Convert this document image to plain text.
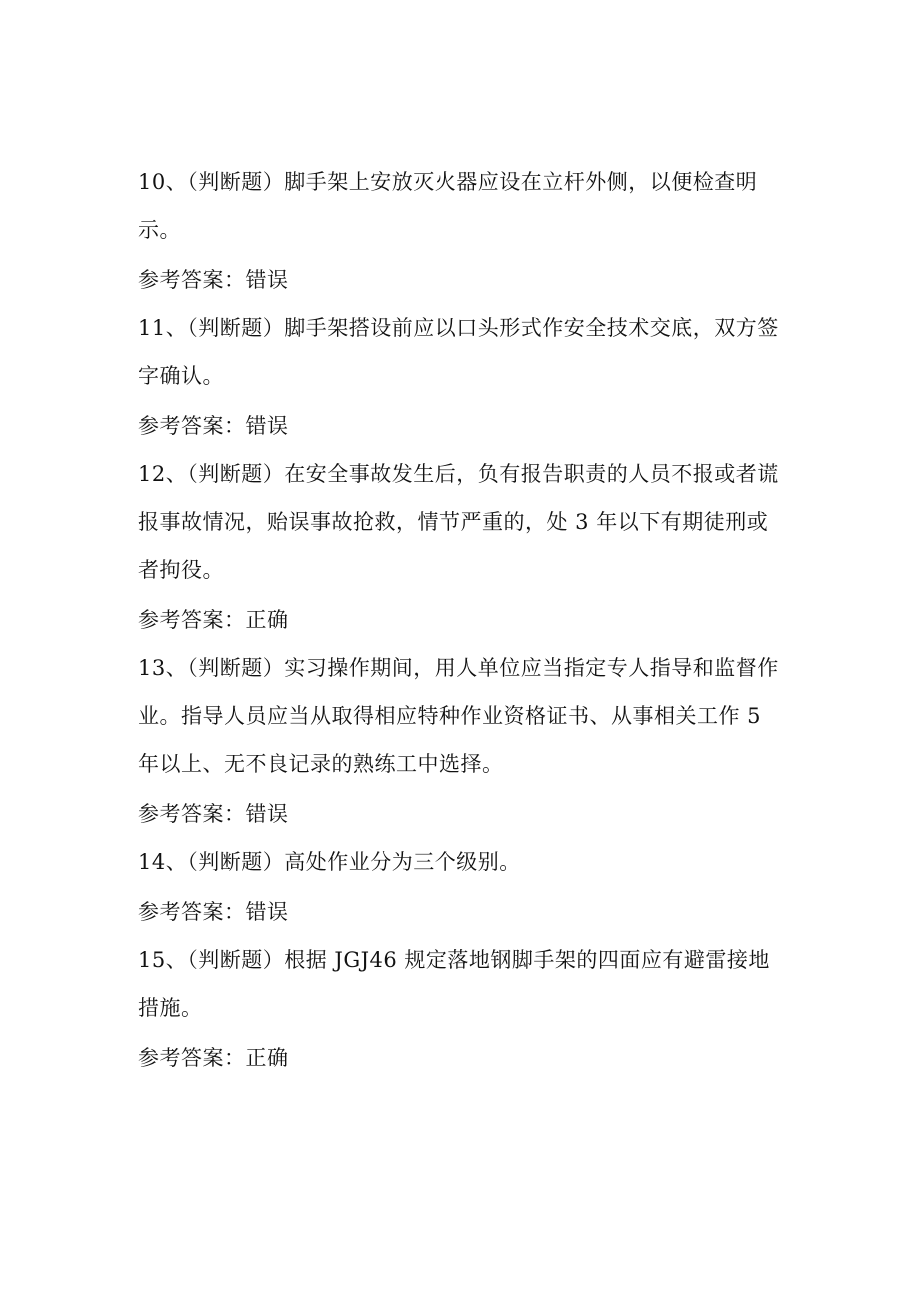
10、（判断题）脚手架上安放灭火器应设在立杆外侧，以便检查明示。

参考答案：错误

11、（判断题）脚手架搭设前应以口头形式作安全技术交底，双方签字确认。

参考答案：错误

12、（判断题）在安全事故发生后，负有报告职责的人员不报或者谎报事故情况，贻误事故抢救，情节严重的，处 3 年以下有期徒刑或者拘役。

参考答案：正确

13、（判断题）实习操作期间，用人单位应当指定专人指导和监督作业。指导人员应当从取得相应特种作业资格证书、从事相关工作 5 年以上、无不良记录的熟练工中选择。

参考答案：错误

14、（判断题）高处作业分为三个级别。

参考答案：错误

15、（判断题）根据 JGJ46 规定落地钢脚手架的四面应有避雷接地措施。

参考答案：正确
